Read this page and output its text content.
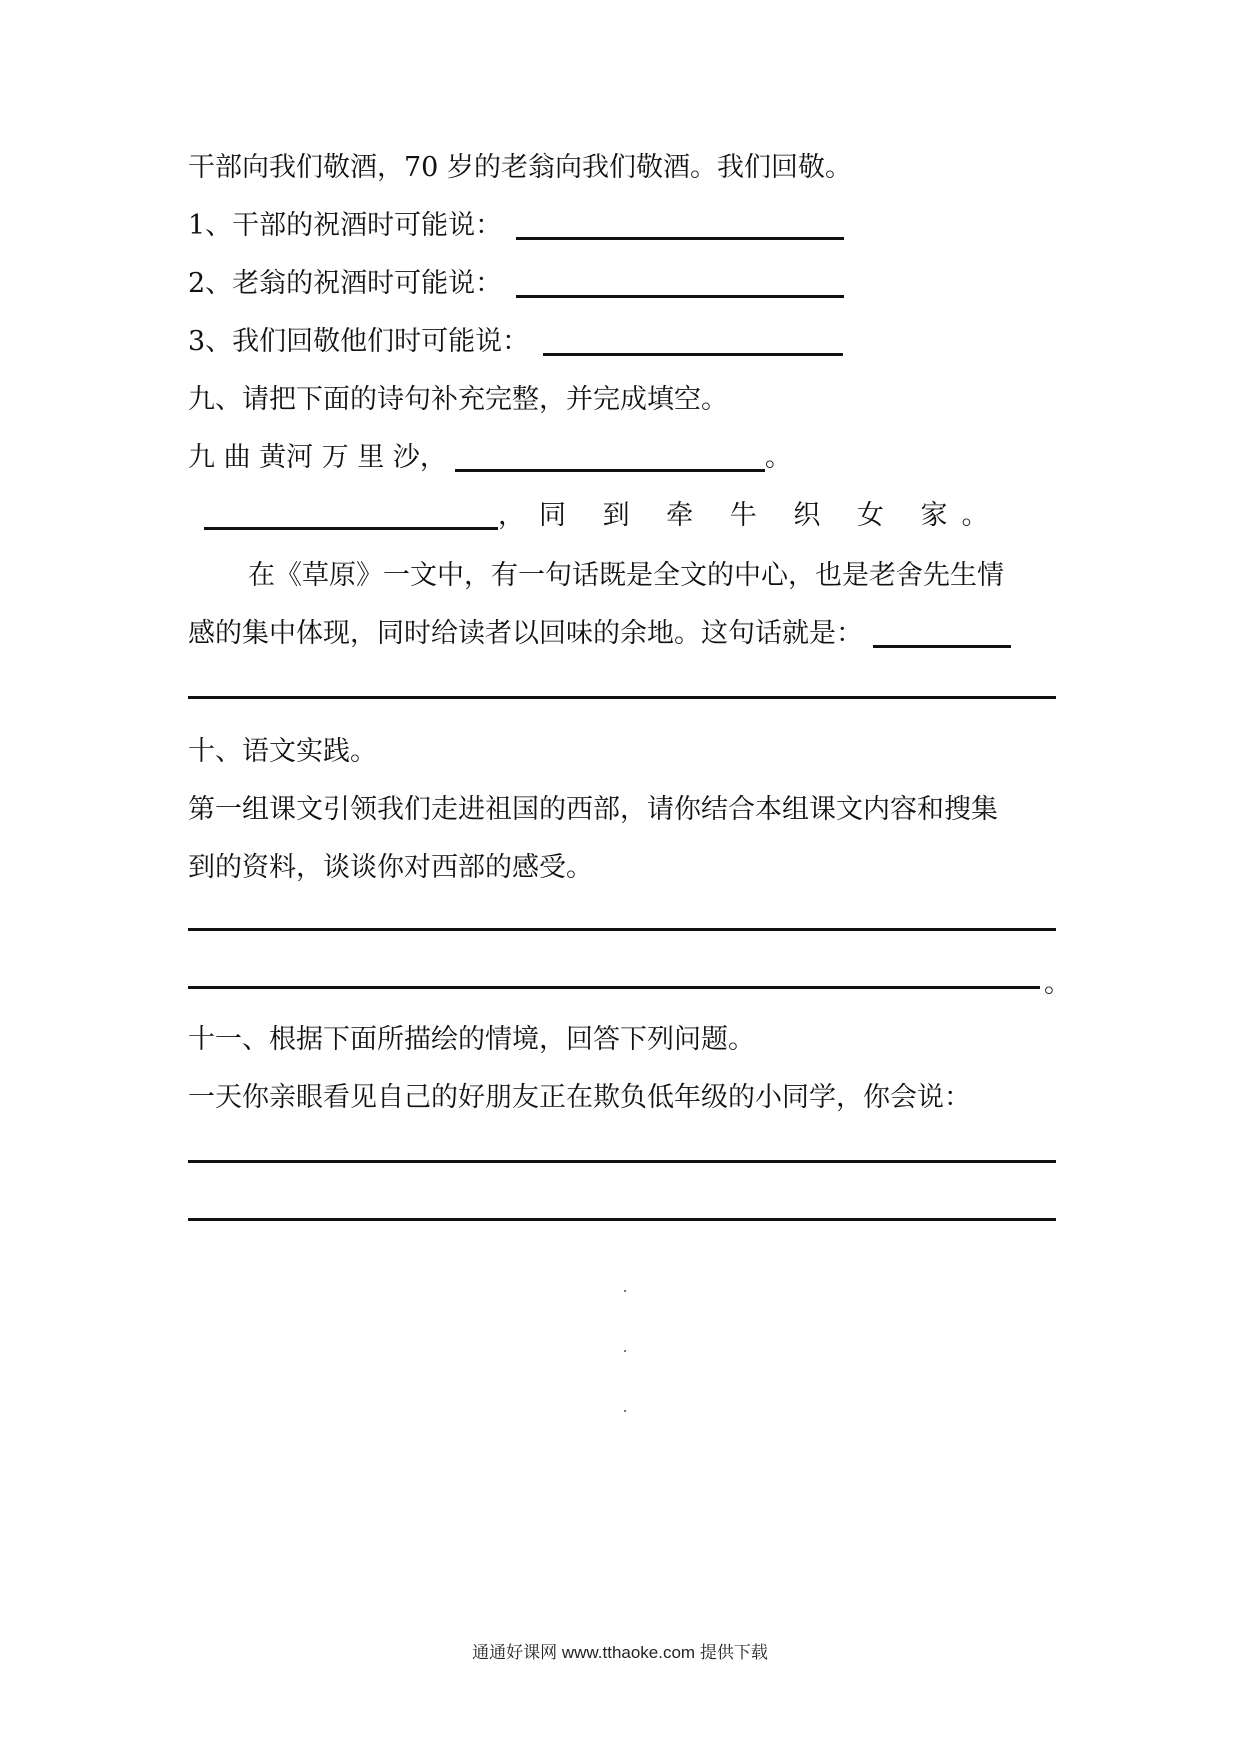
干部向我们敬酒，70 岁的老翁向我们敬酒。我们回敬。
1、干部的祝酒时可能说：
2、老翁的祝酒时可能说：
3、我们回敬他们时可能说：
九、请把下面的诗句补充完整，并完成填空。
九 曲 黄河 万 里 沙，	。
，同 到 牵 牛 织 女 家。
在《草原》一文中，有一句话既是全文的中心，也是老舍先生情
感的集中体现，同时给读者以回味的余地。这句话就是：
十、语文实践。
第一组课文引领我们走进祖国的西部，请你结合本组课文内容和搜集
到的资料，谈谈你对西部的感受。
。
十一、根据下面所描绘的情境，回答下列问题。
一天你亲眼看见自己的好朋友正在欺负低年级的小同学，你会说：
通通好课网 www.tthaoke.com 提供下载
